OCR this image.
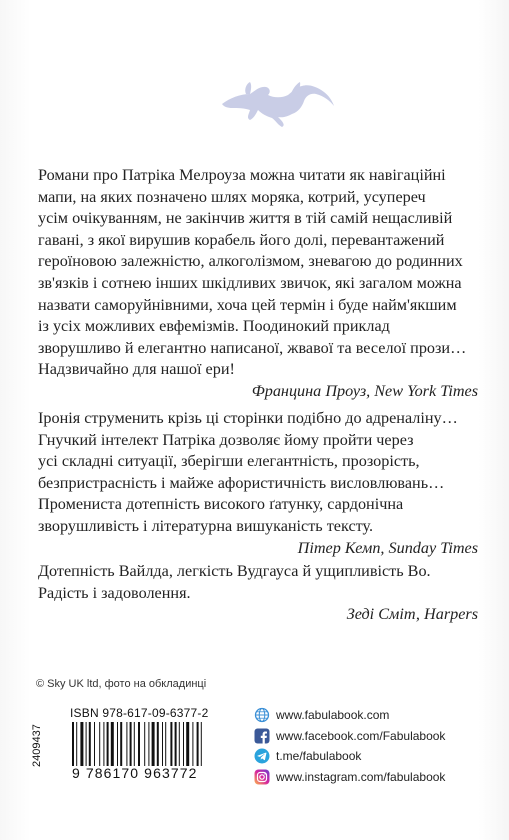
Романи про Патріка Мелроуза можна читати як навігаційні

мапи, на яких позначено шлях моряка, котрий, усупереч

усім очікуванням, не закінчив життя в тій самій нещасливій

гавані, з якої вирушив корабель його долі, перевантажений

героїновою залежністю, алкоголізмом, зневагою до родинних

зв'язків і сотнею інших шкідливих звичок, які загалом можна

назвати саморуйнівними, хоча цей термін і буде найм'якшим

із усіх можливих евфемізмів. Поодинокий приклад

зворушливо й елегантно написаної, жвавої та веселої прози…

Надзвичайно для нашої ери!

Францина Проуз, New York Times

Іронія струменить крізь ці сторінки подібно до адреналіну…

Гнучкий інтелект Патріка дозволяє йому пройти через

усі складні ситуації, зберігши елегантність, прозорість,

безпристрасність і майже афористичність висловлювань…

Промениста дотепність високого ґатунку, сардонічна

зворушливість і літературна вишуканість тексту.

Пітер Кемп, Sunday Times

Дотепність Вайлда, легкість Вудгауса й ущипливість Во.

Радість і задоволення.

Зеді Сміт, Harpers

© Sky UK ltd, фото на обкладинці
ISBN 978-617-09-6377-2
2409437
9 786170 963772
www.fabulabook.com
www.facebook.com/Fabulabook
t.me/fabulabook
www.instagram.com/fabulabook
